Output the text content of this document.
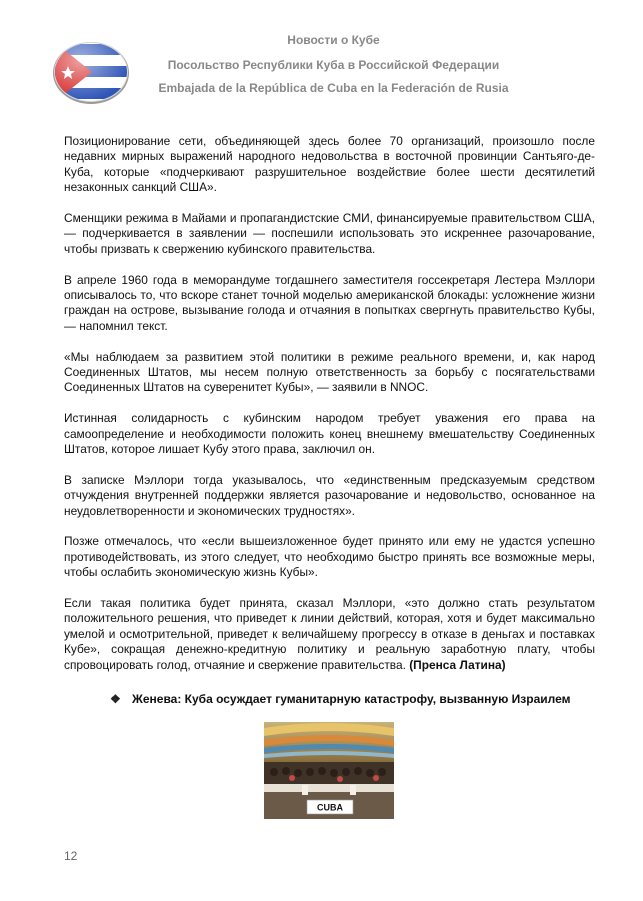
Новости о Кубе
Посольство Республики Куба в Российской Федерации
Embajada de la República de Cuba en la Federación de Rusia

Позиционирование сети, объединяющей здесь более 70 организаций, произошло после недавних мирных выражений народного недовольства в восточной провинции Сантьяго-де-Куба, которые «подчеркивают разрушительное воздействие более шести десятилетий незаконных санкций США».

Сменщики режима в Майами и пропагандистские СМИ, финансируемые правительством США, — подчеркивается в заявлении — поспешили использовать это искреннее разочарование, чтобы призвать к свержению кубинского правительства.

В апреле 1960 года в меморандуме тогдашнего заместителя госсекретаря Лестера Мэллори описывалось то, что вскоре станет точной моделью американской блокады: усложнение жизни граждан на острове, вызывание голода и отчаяния в попытках свергнуть правительство Кубы, — напомнил текст.

«Мы наблюдаем за развитием этой политики в режиме реального времени, и, как народ Соединенных Штатов, мы несем полную ответственность за борьбу с посягательствами Соединенных Штатов на суверенитет Кубы», — заявили в NNOC.

Истинная солидарность с кубинским народом требует уважения его права на самоопределение и необходимости положить конец внешнему вмешательству Соединенных Штатов, которое лишает Кубу этого права, заключил он.

В записке Мэллори тогда указывалось, что «единственным предсказуемым средством отчуждения внутренней поддержки является разочарование и недовольство, основанное на неудовлетворенности и экономических трудностях».

Позже отмечалось, что «если вышеизложенное будет принято или ему не удастся успешно противодействовать, из этого следует, что необходимо быстро принять все возможные меры, чтобы ослабить экономическую жизнь Кубы».

Если такая политика будет принята, сказал Мэллори, «это должно стать результатом положительного решения, что приведет к линии действий, которая, хотя и будет максимально умелой и осмотрительной, приведет к величайшему прогрессу в отказе в деньгах и поставках Кубе», сокращая денежно-кредитную политику и реальную заработную плату, чтобы спровоцировать голод, отчаяние и свержение правительства. (Пренса Латина)

❖ Женева: Куба осуждает гуманитарную катастрофу, вызванную Израилем
CUBA
12
